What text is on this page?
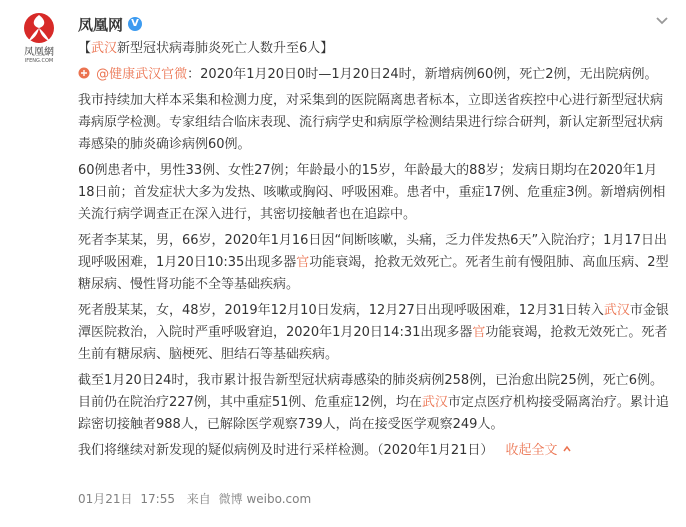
凤凰網
IFENG.COM
凤凰网 V
【武汉新型冠状病毒肺炎死亡人数升至6人】
@健康武汉官微：2020年1月20日0时—1月20日24时，新增病例60例，死亡2例，无出院病例。
我市持续加大样本采集和检测力度，对采集到的医院隔离患者标本，立即送省疾控中心进行新型冠状病毒病原学检测。专家组结合临床表现、流行病学史和病原学检测结果进行综合研判，新认定新型冠状病毒感染的肺炎确诊病例60例。
60例患者中，男性33例、女性27例；年龄最小的15岁，年龄最大的88岁；发病日期均在2020年1月18日前；首发症状大多为发热、咳嗽或胸闷、呼吸困难。患者中，重症17例、危重症3例。新增病例相关流行病学调查正在深入进行，其密切接触者也在追踪中。
死者李某某，男，66岁，2020年1月16日因“间断咳嗽，头痛，乏力伴发热6天”入院治疗；1月17日出现呼吸困难，1月20日10:35出现多器官功能衰竭，抢救无效死亡。死者生前有慢阻肺、高血压病、2型糖尿病、慢性肾功能不全等基础疾病。
死者殷某某，女，48岁，2019年12月10日发病，12月27日出现呼吸困难，12月31日转入武汉市金银潭医院救治，入院时严重呼吸窘迫，2020年1月20日14:31出现多器官功能衰竭，抢救无效死亡。死者生前有糖尿病、脑梗死、胆结石等基础疾病。
截至1月20日24时，我市累计报告新型冠状病毒感染的肺炎病例258例，已治愈出院25例，死亡6例。目前仍在院治疗227例，其中重症51例、危重症12例，均在武汉市定点医疗机构接受隔离治疗。累计追踪密切接触者988人，已解除医学观察739人，尚在接受医学观察249人。
我们将继续对新发现的疑似病例及时进行采样检测。（2020年1月21日） 收起全文
01月21日 17:55 来自 微博 weibo.com
